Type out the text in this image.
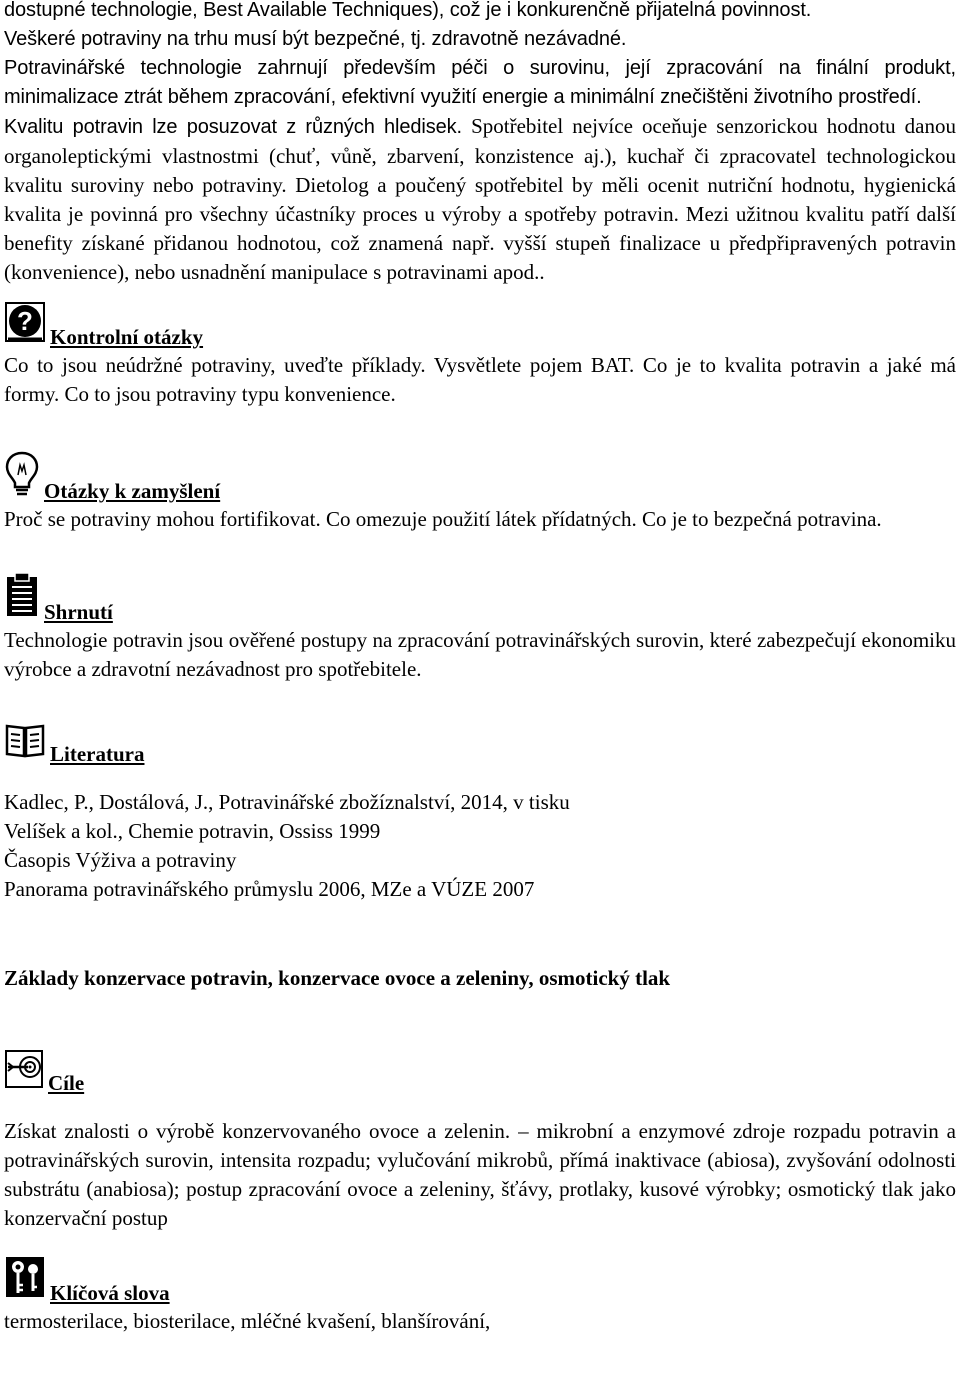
dostupné technologie, Best Available Techniques), což je i konkurenčně přijatelná povinnost.

Veškeré potraviny na trhu musí být bezpečné, tj. zdravotně nezávadné.

Potravinářské technologie zahrnují především péči o surovinu, její zpracování na finální produkt, minimalizace ztrát během zpracování, efektivní využití energie a minimální znečištěni životního prostředí.

Kvalitu potravin lze posuzovat z různých hledisek. Spotřebitel nejvíce oceňuje senzorickou hodnotu danou organoleptickými vlastnostmi (chuť, vůně, zbarvení, konzistence aj.), kuchař či zpracovatel technologickou kvalitu suroviny nebo potraviny. Dietolog a poučený spotřebitel by měli ocenit nutriční hodnotu, hygienická kvalita je povinná pro všechny účastníky proces u výroby a spotřeby potravin. Mezi užitnou kvalitu patří další benefity získané přidanou hodnotou, což znamená např. vyšší stupeň finalizace u předpřipravených potravin (konvenience), nebo usnadnění manipulace s potravinami apod..

?
Kontrolní otázky

Co to jsou neúdržné potraviny, uveďte příklady. Vysvětlete pojem BAT. Co je to kvalita potravin a jaké má formy. Co to jsou potraviny typu konvenience.

Otázky k zamyšlení

Proč se potraviny mohou fortifikovat. Co omezuje použití látek přídatných. Co je to bezpečná potravina.

Shrnutí

Technologie potravin jsou ověřené postupy na zpracování potravinářských surovin, které zabezpečují ekonomiku výrobce a zdravotní nezávadnost pro spotřebitele.

Literatura

Kadlec, P., Dostálová, J., Potravinářské zbožíznalství, 2014, v tisku

Velíšek a kol., Chemie potravin, Ossiss 1999

Časopis Výživa a potraviny

Panorama potravinářského průmyslu 2006, MZe a VÚZE 2007

Základy konzervace potravin, konzervace ovoce a zeleniny, osmotický tlak

Cíle

Získat znalosti o výrobě konzervovaného ovoce a zelenin. – mikrobní a enzymové zdroje rozpadu potravin a potravinářských surovin, intensita rozpadu; vylučování mikrobů, přímá inaktivace (abiosa), zvyšování odolnosti substrátu (anabiosa); postup zpracování ovoce a zeleniny, šťávy, protlaky, kusové výrobky; osmotický tlak jako konzervační postup

Klíčová slova

termosterilace, biosterilace, mléčné kvašení, blanšírování,
